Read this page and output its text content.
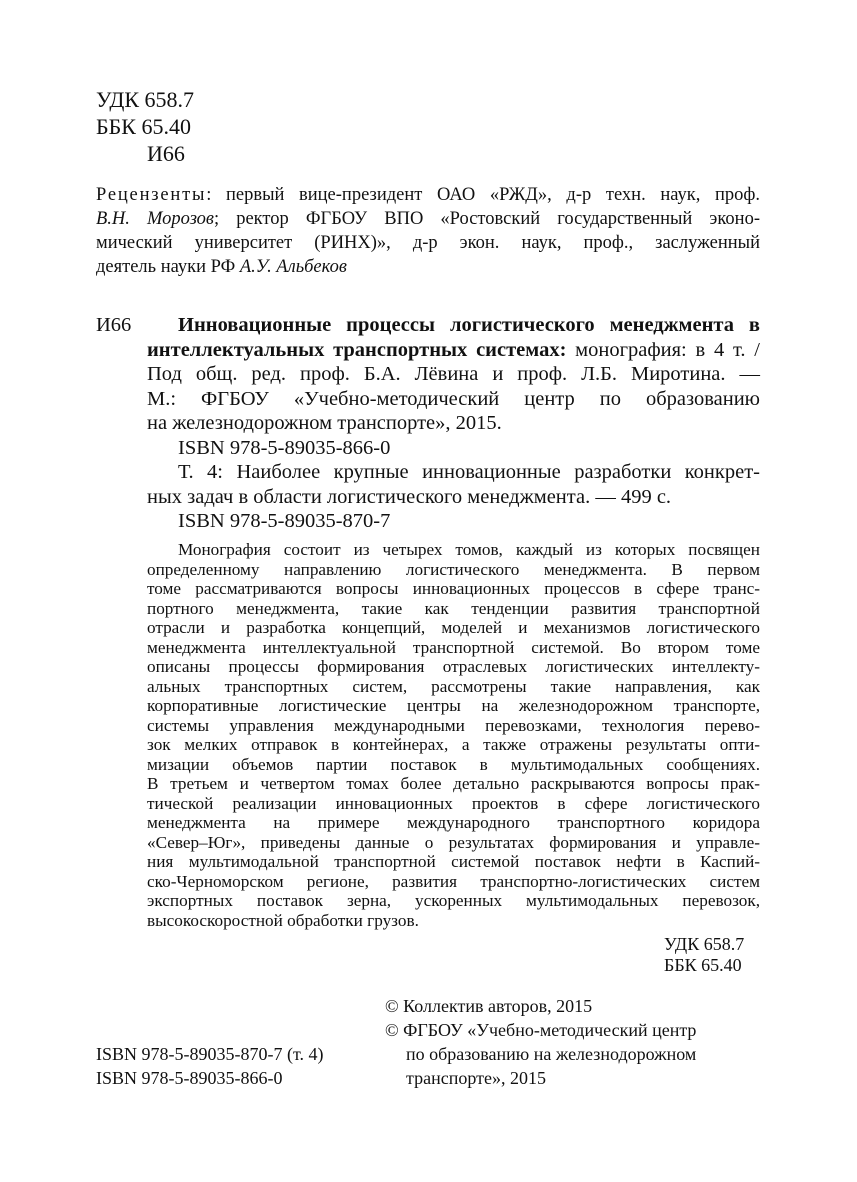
УДК 658.7
ББК 65.40
И66
Рецензенты: первый вице-президент ОАО «РЖД», д-р техн. наук, проф.
В.Н. Морозов; ректор ФГБОУ ВПО «Ростовский государственный эконо-
мический университет (РИНХ)», д-р экон. наук, проф., заслуженный
деятель науки РФ А.У. Альбеков
И66 Инновационные процессы логистического менеджмента в
интеллектуальных транспортных системах: монография: в 4 т. /
Под общ. ред. проф. Б.А. Лёвина и проф. Л.Б. Миротина. —
М.: ФГБОУ «Учебно-методический центр по образованию
на железнодорожном транспорте», 2015.
ISBN 978-5-89035-866-0
Т. 4: Наиболее крупные инновационные разработки конкрет-
ных задач в области логистического менеджмента. — 499 с.
ISBN 978-5-89035-870-7
Монография состоит из четырех томов, каждый из которых посвящен
определенному направлению логистического менеджмента. В первом
томе рассматриваются вопросы инновационных процессов в сфере транс-
портного менеджмента, такие как тенденции развития транспортной
отрасли и разработка концепций, моделей и механизмов логистического
менеджмента интеллектуальной транспортной системой. Во втором томе
описаны процессы формирования отраслевых логистических интеллекту-
альных транспортных систем, рассмотрены такие направления, как
корпоративные логистические центры на железнодорожном транспорте,
системы управления международными перевозками, технология перево-
зок мелких отправок в контейнерах, а также отражены результаты опти-
мизации объемов партии поставок в мультимодальных сообщениях.
В третьем и четвертом томах более детально раскрываются вопросы прак-
тической реализации инновационных проектов в сфере логистического
менеджмента на примере международного транспортного коридора
«Север–Юг», приведены данные о результатах формирования и управле-
ния мультимодальной транспортной системой поставок нефти в Каспий-
ско-Черноморском регионе, развития транспортно-логистических систем
экспортных поставок зерна, ускоренных мультимодальных перевозок,
высокоскоростной обработки грузов.
УДК 658.7
ББК 65.40
© Коллектив авторов, 2015
© ФГБОУ «Учебно-методический центр
по образованию на железнодорожном
транспорте», 2015
ISBN 978-5-89035-870-7 (т. 4)
ISBN 978-5-89035-866-0
